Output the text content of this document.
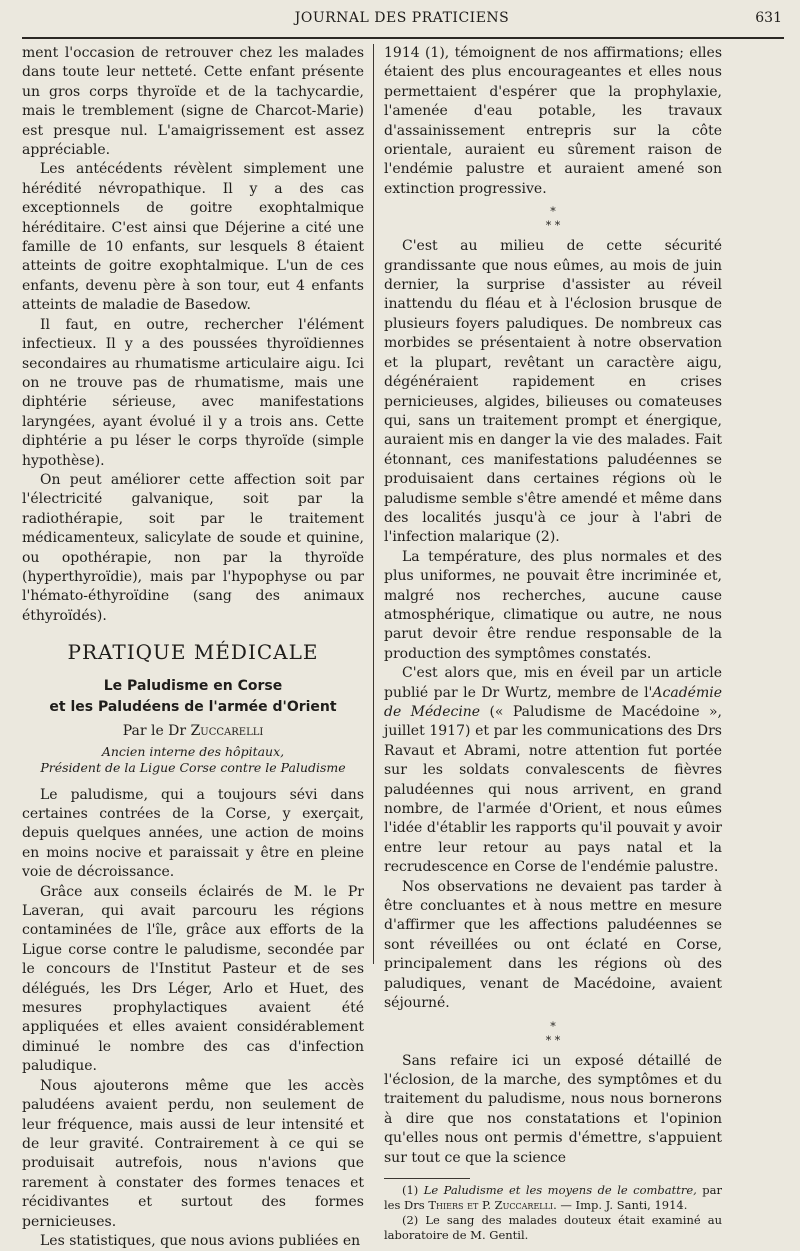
JOURNAL DES PRATICIENS	631

ment l'occasion de retrouver chez les malades dans toute leur netteté. Cette enfant présente un gros corps thyroïde et de la tachycardie, mais le tremblement (signe de Charcot-Marie) est presque nul. L'amaigrissement est assez appréciable.

Les antécédents révèlent simplement une hérédité névropathique. Il y a des cas exceptionnels de goitre exophtalmique héréditaire. C'est ainsi que Déjerine a cité une famille de 10 enfants, sur lesquels 8 étaient atteints de goitre exophtalmique. L'un de ces enfants, devenu père à son tour, eut 4 enfants atteints de maladie de Basedow.

Il faut, en outre, rechercher l'élément infectieux. Il y a des poussées thyroïdiennes secondaires au rhumatisme articulaire aigu. Ici on ne trouve pas de rhumatisme, mais une diphtérie sérieuse, avec manifestations laryngées, ayant évolué il y a trois ans. Cette diphtérie a pu léser le corps thyroïde (simple hypothèse).

On peut améliorer cette affection soit par l'électricité galvanique, soit par la radiothérapie, soit par le traitement médicamenteux, salicylate de soude et quinine, ou opothérapie, non par la thyroïde (hyperthyroïdie), mais par l'hypophyse ou par l'hémato-éthyroïdine (sang des animaux éthyroïdés).

PRATIQUE MÉDICALE
Le Paludisme en Corse
et les Paludéens de l'armée d'Orient
Par le Dr Zuccarelli
Ancien interne des hôpitaux,
Président de la Ligue Corse contre le Paludisme

Le paludisme, qui a toujours sévi dans certaines contrées de la Corse, y exerçait, depuis quelques années, une action de moins en moins nocive et paraissait y être en pleine voie de décroissance.

Grâce aux conseils éclairés de M. le Pr Laveran, qui avait parcouru les régions contaminées de l'île, grâce aux efforts de la Ligue corse contre le paludisme, secondée par le concours de l'Institut Pasteur et de ses délégués, les Drs Léger, Arlo et Huet, des mesures prophylactiques avaient été appliquées et elles avaient considérablement diminué le nombre des cas d'infection paludique.

Nous ajouterons même que les accès paludéens avaient perdu, non seulement de leur fréquence, mais aussi de leur intensité et de leur gravité. Contrairement à ce qui se produisait autrefois, nous n'avions que rarement à constater des formes tenaces et récidivantes et surtout des formes pernicieuses.

Les statistiques, que nous avions publiées en

1914 (1), témoignent de nos affirmations; elles étaient des plus encourageantes et elles nous permettaient d'espérer que la prophylaxie, l'amenée d'eau potable, les travaux d'assainissement entrepris sur la côte orientale, auraient eu sûrement raison de l'endémie palustre et auraient amené son extinction progressive.

*
* *

C'est au milieu de cette sécurité grandissante que nous eûmes, au mois de juin dernier, la surprise d'assister au réveil inattendu du fléau et à l'éclosion brusque de plusieurs foyers paludiques. De nombreux cas morbides se présentaient à notre observation et la plupart, revêtant un caractère aigu, dégénéraient rapidement en crises pernicieuses, algides, bilieuses ou comateuses qui, sans un traitement prompt et énergique, auraient mis en danger la vie des malades. Fait étonnant, ces manifestations paludéennes se produisaient dans certaines régions où le paludisme semble s'être amendé et même dans des localités jusqu'à ce jour à l'abri de l'infection malarique (2).

La température, des plus normales et des plus uniformes, ne pouvait être incriminée et, malgré nos recherches, aucune cause atmosphérique, climatique ou autre, ne nous parut devoir être rendue responsable de la production des symptômes constatés.

C'est alors que, mis en éveil par un article publié par le Dr Wurtz, membre de l'Académie de Médecine (« Paludisme de Macédoine », juillet 1917) et par les communications des Drs Ravaut et Abrami, notre attention fut portée sur les soldats convalescents de fièvres paludéennes qui nous arrivent, en grand nombre, de l'armée d'Orient, et nous eûmes l'idée d'établir les rapports qu'il pouvait y avoir entre leur retour au pays natal et la recrudescence en Corse de l'endémie palustre.

Nos observations ne devaient pas tarder à être concluantes et à nous mettre en mesure d'affirmer que les affections paludéennes se sont réveillées ou ont éclaté en Corse, principalement dans les régions où des paludiques, venant de Macédoine, avaient séjourné.

*
* *

Sans refaire ici un exposé détaillé de l'éclosion, de la marche, des symptômes et du traitement du paludisme, nous nous bornerons à dire que nos constatations et l'opinion qu'elles nous ont permis d'émettre, s'appuient sur tout ce que la science

(1) Le Paludisme et les moyens de le combattre, par les Drs Thiers et P. Zuccarelli. — Imp. J. Santi, 1914.

(2) Le sang des malades douteux était examiné au laboratoire de M. Gentil.
